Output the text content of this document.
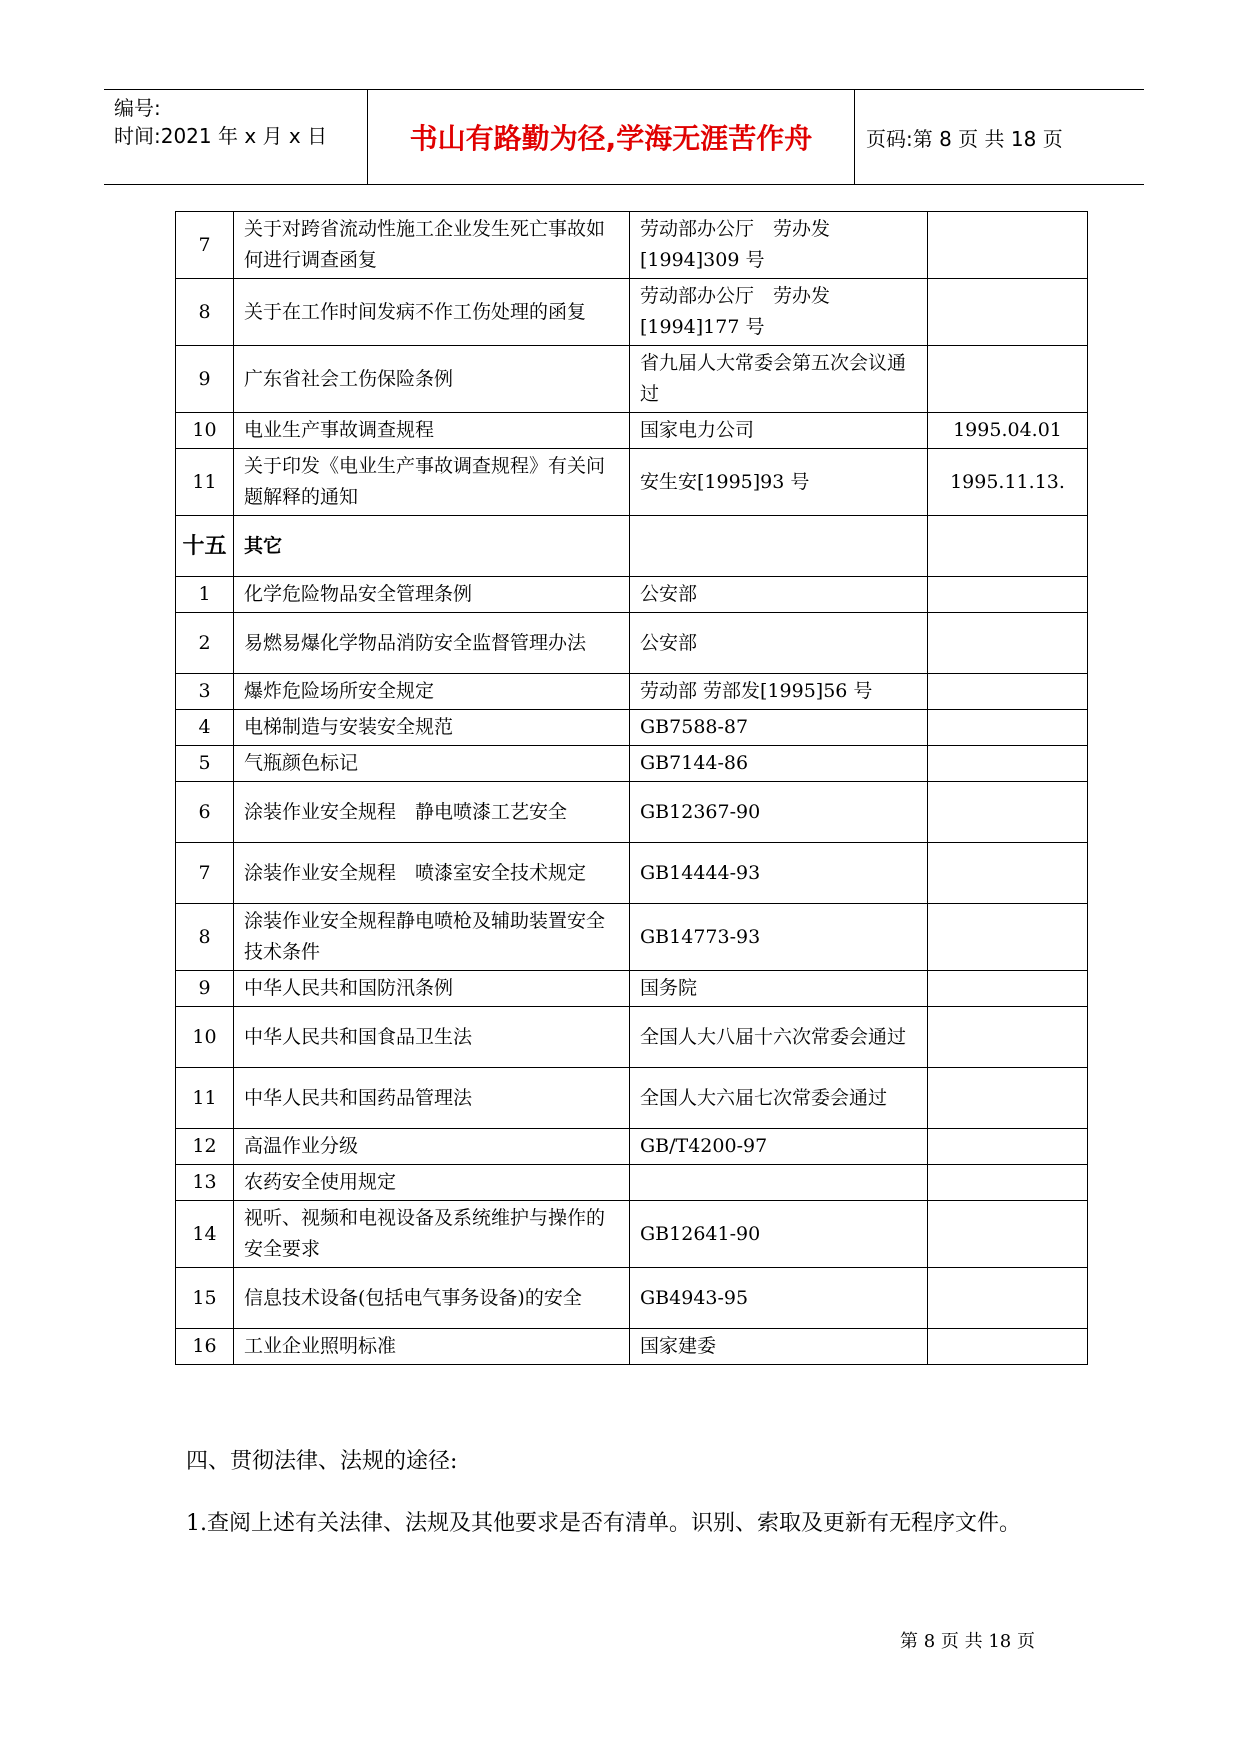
编号:
时间:2021 年 x 月 x 日	书山有路勤为径,学海无涯苦作舟	页码:第 8 页 共 18 页
7	关于对跨省流动性施工企业发生死亡事故如何进行调查函复	劳动部办公厅　劳办发[1994]309 号	
8	关于在工作时间发病不作工伤处理的函复	劳动部办公厅　劳办发[1994]177 号	
9	广东省社会工伤保险条例	省九届人大常委会第五次会议通过	
10	电业生产事故调查规程	国家电力公司	1995.04.01
11	关于印发《电业生产事故调查规程》有关问题解释的通知	安生安[1995]93 号	1995.11.13.
十五	其它		
1	化学危险物品安全管理条例	公安部	
2	易燃易爆化学物品消防安全监督管理办法	公安部	
3	爆炸危险场所安全规定	劳动部 劳部发[1995]56 号	
4	电梯制造与安装安全规范	GB7588-87	
5	气瓶颜色标记	GB7144-86	
6	涂装作业安全规程　静电喷漆工艺安全	GB12367-90	
7	涂装作业安全规程　喷漆室安全技术规定	GB14444-93	
8	涂装作业安全规程静电喷枪及辅助装置安全技术条件	GB14773-93	
9	中华人民共和国防汛条例	国务院	
10	中华人民共和国食品卫生法	全国人大八届十六次常委会通过	
11	中华人民共和国药品管理法	全国人大六届七次常委会通过	
12	高温作业分级	GB/T4200-97	
13	农药安全使用规定		
14	视听、视频和电视设备及系统维护与操作的安全要求	GB12641-90	
15	信息技术设备(包括电气事务设备)的安全	GB4943-95	
16	工业企业照明标准	国家建委	
四、贯彻法律、法规的途径:
1.查阅上述有关法律、法规及其他要求是否有清单。识别、索取及更新有无程序文件。
第 8 页 共 18 页
